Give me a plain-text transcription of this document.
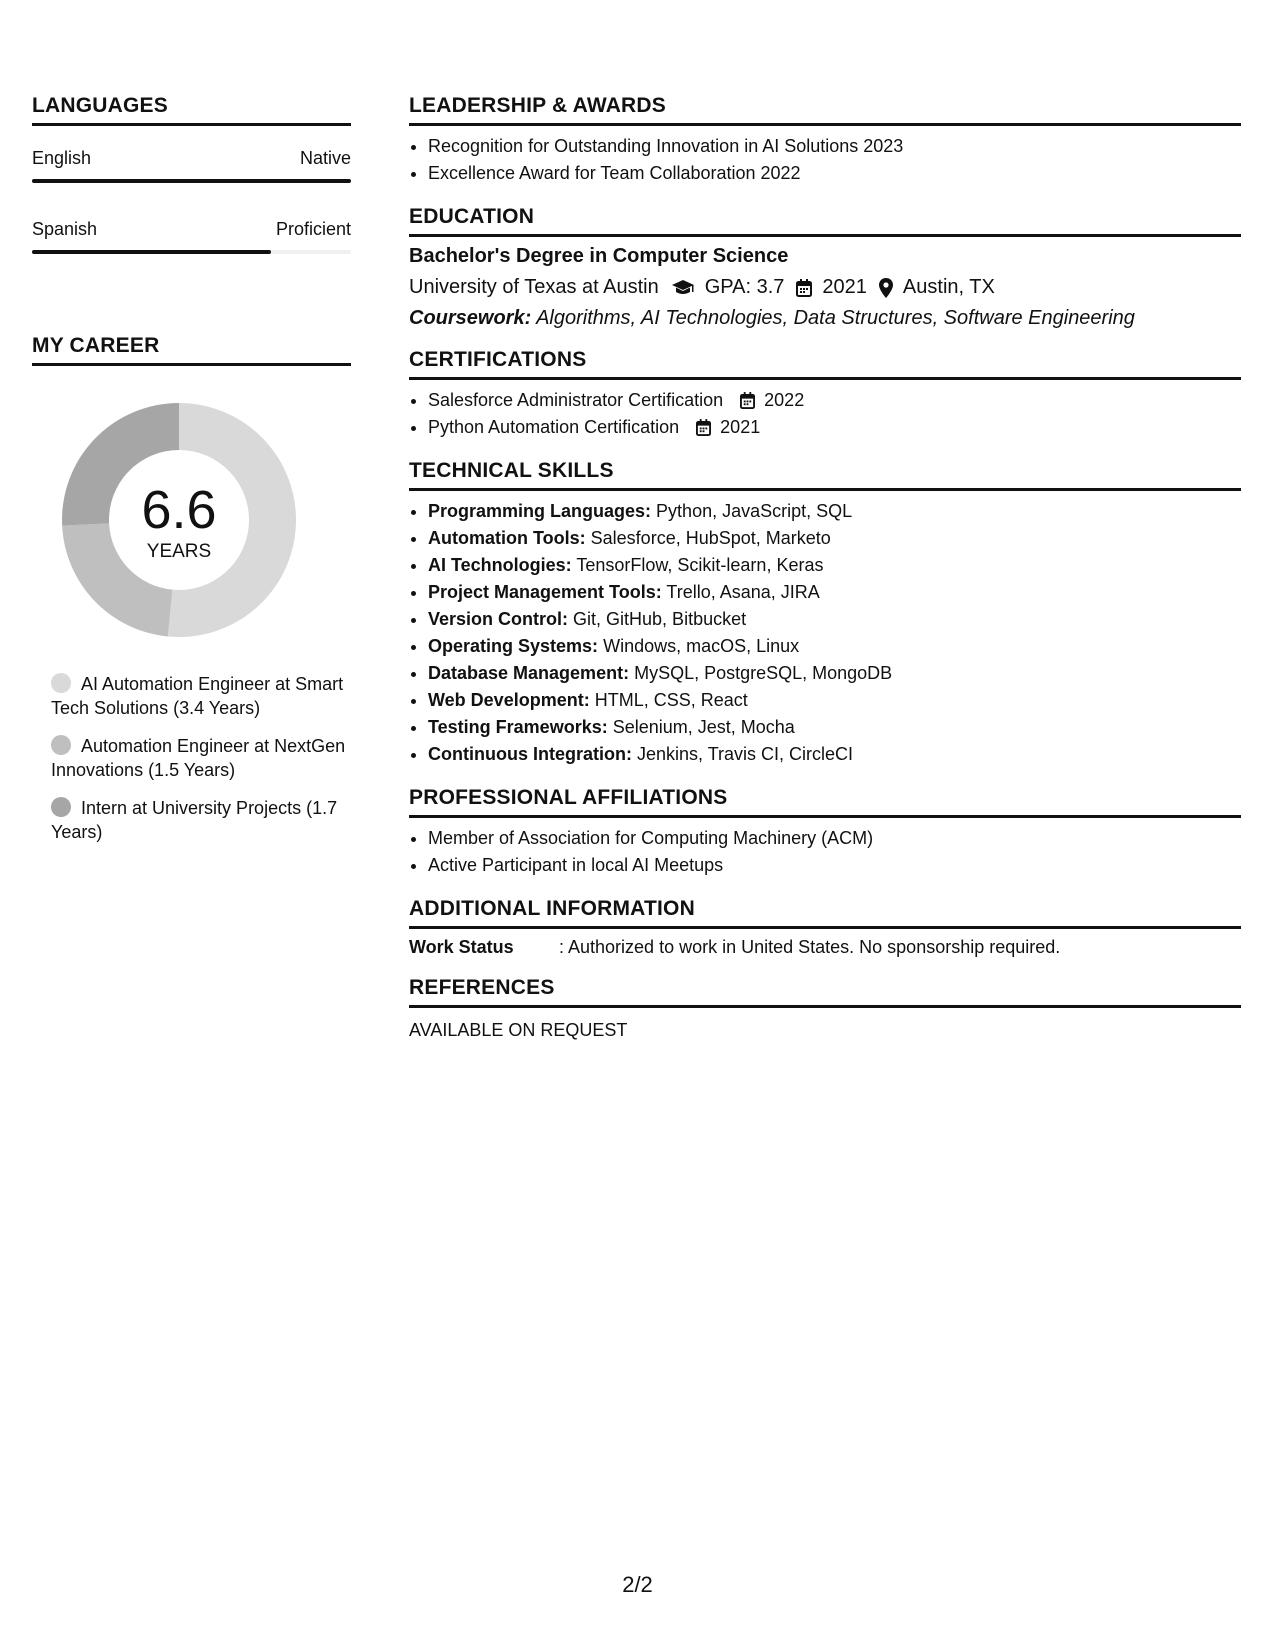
LANGUAGES
English	Native
Spanish	Proficient
MY CAREER
6.6
YEARS
AI Automation Engineer at Smart Tech Solutions (3.4 Years)
Automation Engineer at NextGen Innovations (1.5 Years)
Intern at University Projects (1.7 Years)
LEADERSHIP & AWARDS
• Recognition for Outstanding Innovation in AI Solutions 2023
• Excellence Award for Team Collaboration 2022
EDUCATION
Bachelor's Degree in Computer Science
University of Texas at Austin GPA: 3.7 2021 Austin, TX
Coursework: Algorithms, AI Technologies, Data Structures, Software Engineering
CERTIFICATIONS
• Salesforce Administrator Certification 2022
• Python Automation Certification 2021
TECHNICAL SKILLS
• Programming Languages: Python, JavaScript, SQL
• Automation Tools: Salesforce, HubSpot, Marketo
• AI Technologies: TensorFlow, Scikit-learn, Keras
• Project Management Tools: Trello, Asana, JIRA
• Version Control: Git, GitHub, Bitbucket
• Operating Systems: Windows, macOS, Linux
• Database Management: MySQL, PostgreSQL, MongoDB
• Web Development: HTML, CSS, React
• Testing Frameworks: Selenium, Jest, Mocha
• Continuous Integration: Jenkins, Travis CI, CircleCI
PROFESSIONAL AFFILIATIONS
• Member of Association for Computing Machinery (ACM)
• Active Participant in local AI Meetups
ADDITIONAL INFORMATION
Work Status	: Authorized to work in United States. No sponsorship required.
REFERENCES
AVAILABLE ON REQUEST
2/2
